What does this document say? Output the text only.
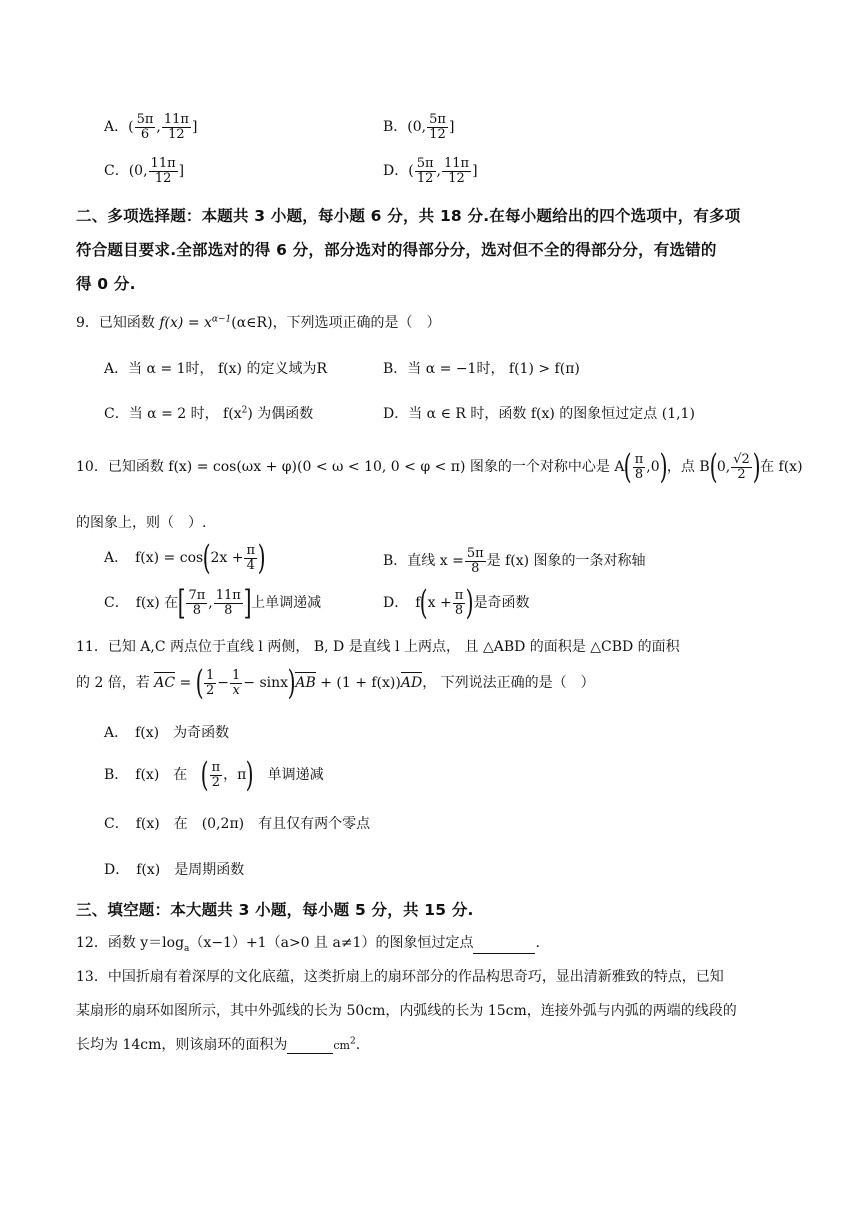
A．( $\frac{5\pi}{6}$ , $\frac{11\pi}{12}$ ]	B．(0, $\frac{5\pi}{12}$ ]
C．(0, $\frac{11\pi}{12}$ ]	D．( $\frac{5\pi}{12}$ , $\frac{11\pi}{12}$ ]
二、多项选择题：本题共 3 小题，每小题 6 分，共 18 分.在每小题给出的四个选项中，有多项
符合题目要求.全部选对的得 6 分，部分选对的得部分分，选对但不全的得部分分，有选错的
得 0 分.
9．已知函数 $f(x) = x^{\alpha-1}(\alpha\in R)$，下列选项正确的是（　）
A．当 α = 1时， f(x) 的定义域为R	B．当 α = −1时， f(1) > f(π)
C．当 α = 2 时， $f(x^2)$ 为偶函数	D．当 α ∈ R 时，函数 f(x) 的图象恒过定点 (1,1)
10．已知函数 f(x) = cos(ωx + φ)(0 < ω < 10, 0 < φ < π) 图象的一个对称中心是 $A( \frac{\pi}{8} ,0)$，点 B(0, $\frac{√2}{2}$ )在 f(x)
的图象上，则（　）.
A．　$f(x) = \cos(2x + \frac{\pi}{4}$ )	B．直线 $x = \frac{5\pi}{8}$ 是 f(x) 图象的一条对称轴
C．　f(x) 在[ $\frac{7\pi}{8}$ , $\frac{11\pi}{8}$ ]上单调递减	D．　$f(x + \frac{\pi}{8}$ )是奇函数
11．已知 A,C 两点位于直线 l 两侧， B, D 是直线 l 上两点， 且 △ABD 的面积是 △CBD 的面积
的 2 倍，若 AC = ( $\frac{1}{2} - \frac{1}{x} - \sin x)AB + (1 + f(x))AD$， 下列说法正确的是（　）
A．　f(x)　为奇函数
B．　f(x)　在　 ( $\frac{\pi}{2}$ ，π)　 单调递减
C．　f(x)　在　(0,2π)　有且仅有两个零点
D．　f(x)　是周期函数
三、填空题：本大题共 3 小题，每小题 5 分，共 15 分.
12．函数 $y=\log_a(x-1)+1(a>0$ 且 a≠1）的图象恒过定点	.
13．中国折扇有着深厚的文化底蕴，这类折扇上的扇环部分的作品构思奇巧，显出清新雅致的特点，已知
某扇形的扇环如图所示，其中外弧线的长为 50cm，内弧线的长为 15cm，连接外弧与内弧的两端的线段的
长均为 14cm，则该扇环的面积为	$cm^2$.
